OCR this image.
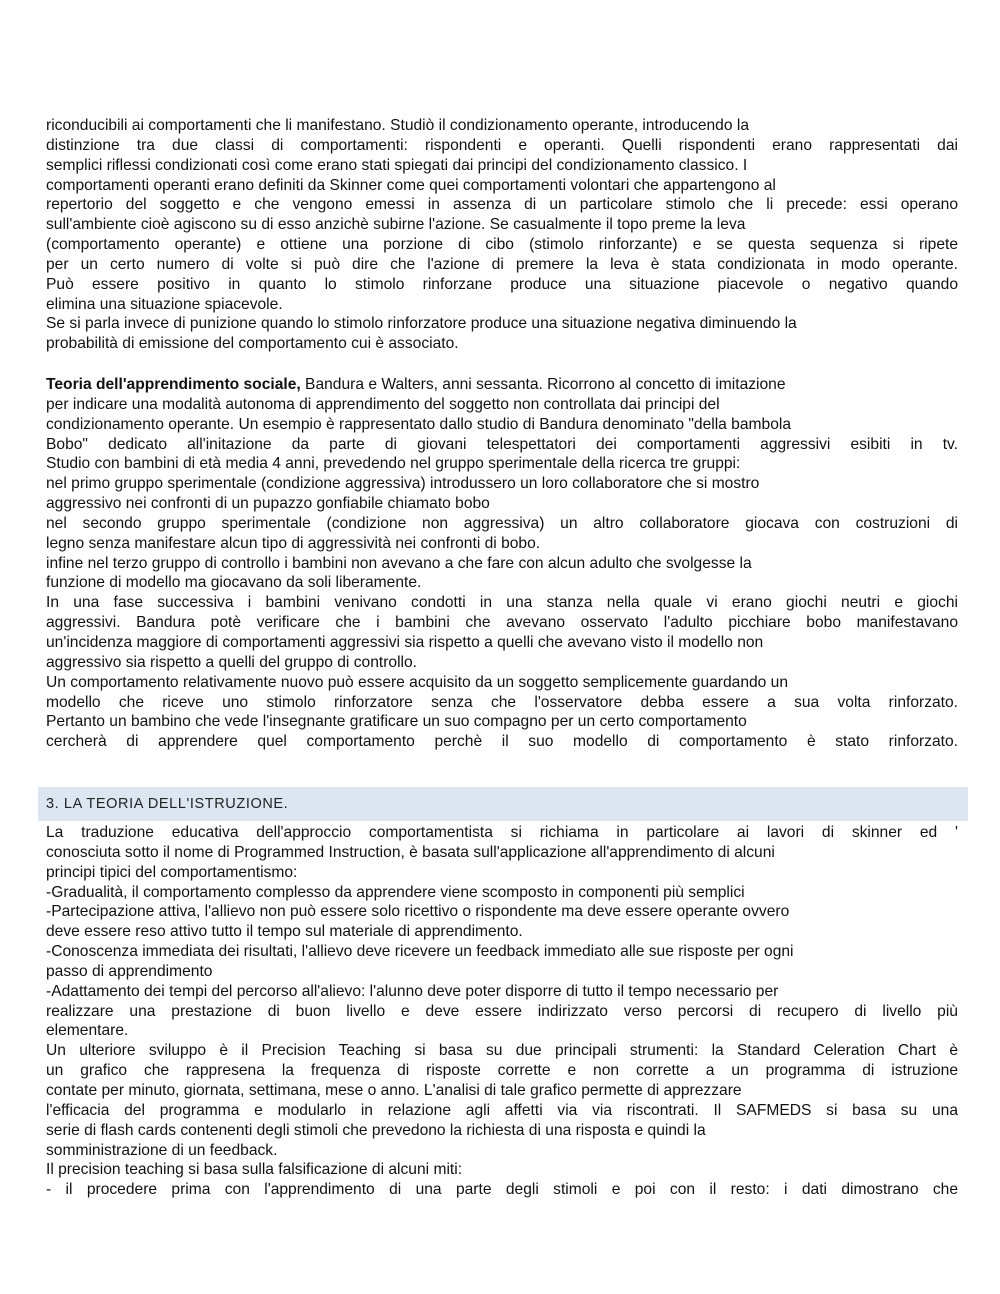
riconducibili ai comportamenti che li manifestano. Studiò il condizionamento operante, introducendo la
distinzione tra due classi di comportamenti: rispondenti e operanti. Quelli rispondenti erano rappresentati dai
semplici riflessi condizionati così come erano stati spiegati dai principi del condizionamento classico. I
comportamenti operanti erano definiti da Skinner come quei comportamenti volontari che appartengono al
repertorio del soggetto e che vengono emessi in assenza di un particolare stimolo che li precede: essi operano
sull'ambiente cioè agiscono su di esso anzichè subirne l'azione. Se casualmente il topo preme la leva
(comportamento operante) e ottiene una porzione di cibo (stimolo rinforzante) e se questa sequenza si ripete
per un certo numero di volte si può dire che l'azione di premere la leva è stata condizionata in modo operante.
Può essere positivo in quanto lo stimolo rinforzane produce una situazione piacevole o negativo quando
elimina una situazione spiacevole.
Se si parla invece di punizione quando lo stimolo rinforzatore produce una situazione negativa diminuendo la
probabilità di emissione del comportamento cui è associato.
Teoria dell'apprendimento sociale, Bandura e Walters, anni sessanta. Ricorrono al concetto di imitazione
per indicare una modalità autonoma di apprendimento del soggetto non controllata dai principi del
condizionamento operante. Un esempio è rappresentato dallo studio di Bandura denominato "della bambola
Bobo" dedicato all'initazione da parte di giovani telespettatori dei comportamenti aggressivi esibiti in tv.
Studio con bambini di età media 4 anni, prevedendo nel gruppo sperimentale della ricerca tre gruppi:
nel primo gruppo sperimentale (condizione aggressiva) introdussero un loro collaboratore che si mostro
aggressivo nei confronti di un pupazzo gonfiabile chiamato bobo
nel secondo gruppo sperimentale (condizione non aggressiva) un altro collaboratore giocava con costruzioni di
legno senza manifestare alcun tipo di aggressività nei confronti di bobo.
infine nel terzo gruppo di controllo i bambini non avevano a che fare con alcun adulto che svolgesse la
funzione di modello ma giocavano da soli liberamente.
In una fase successiva i bambini venivano condotti in una stanza nella quale vi erano giochi neutri e giochi
aggressivi. Bandura potè verificare che i bambini che avevano osservato l'adulto picchiare bobo manifestavano
un'incidenza maggiore di comportamenti aggressivi sia rispetto a quelli che avevano visto il modello non
aggressivo sia rispetto a quelli del gruppo di controllo.
Un comportamento relativamente nuovo può essere acquisito da un soggetto semplicemente guardando un
modello che riceve uno stimolo rinforzatore senza che l'osservatore debba essere a sua volta rinforzato.
Pertanto un bambino che vede l'insegnante gratificare un suo compagno per un certo comportamento
cercherà di apprendere quel comportamento perchè il suo modello di comportamento è stato rinforzato.
3. LA TEORIA DELL'ISTRUZIONE.
La traduzione educativa dell'approccio comportamentista si richiama in particolare ai lavori di skinner ed '
conosciuta sotto il nome di Programmed Instruction, è basata sull'applicazione all'apprendimento di alcuni
principi tipici del comportamentismo:
-Gradualità, il comportamento complesso da apprendere viene scomposto in componenti più semplici
-Partecipazione attiva, l'allievo non può essere solo ricettivo o rispondente ma deve essere operante ovvero
deve essere reso attivo tutto il tempo sul materiale di apprendimento.
-Conoscenza immediata dei risultati, l'allievo deve ricevere un feedback immediato alle sue risposte per ogni
passo di apprendimento
-Adattamento dei tempi del percorso all'alievo: l'alunno deve poter disporre di tutto il tempo necessario per
realizzare una prestazione di buon livello e deve essere indirizzato verso percorsi di recupero di livello più
elementare.
Un ulteriore sviluppo è il Precision Teaching si basa su due principali strumenti: la Standard Celeration Chart è
un grafico che rappresena la frequenza di risposte corrette e non corrette a un programma di istruzione
contate per minuto, giornata, settimana, mese o anno. L'analisi di tale grafico permette di apprezzare
l'efficacia del programma e modularlo in relazione agli affetti via via riscontrati. Il SAFMEDS si basa su una
serie di flash cards contenenti degli stimoli che prevedono la richiesta di una risposta e quindi la
somministrazione di un feedback.
Il precision teaching si basa sulla falsificazione di alcuni miti:
- il procedere prima con l'apprendimento di una parte degli stimoli e poi con il resto: i dati dimostrano che
